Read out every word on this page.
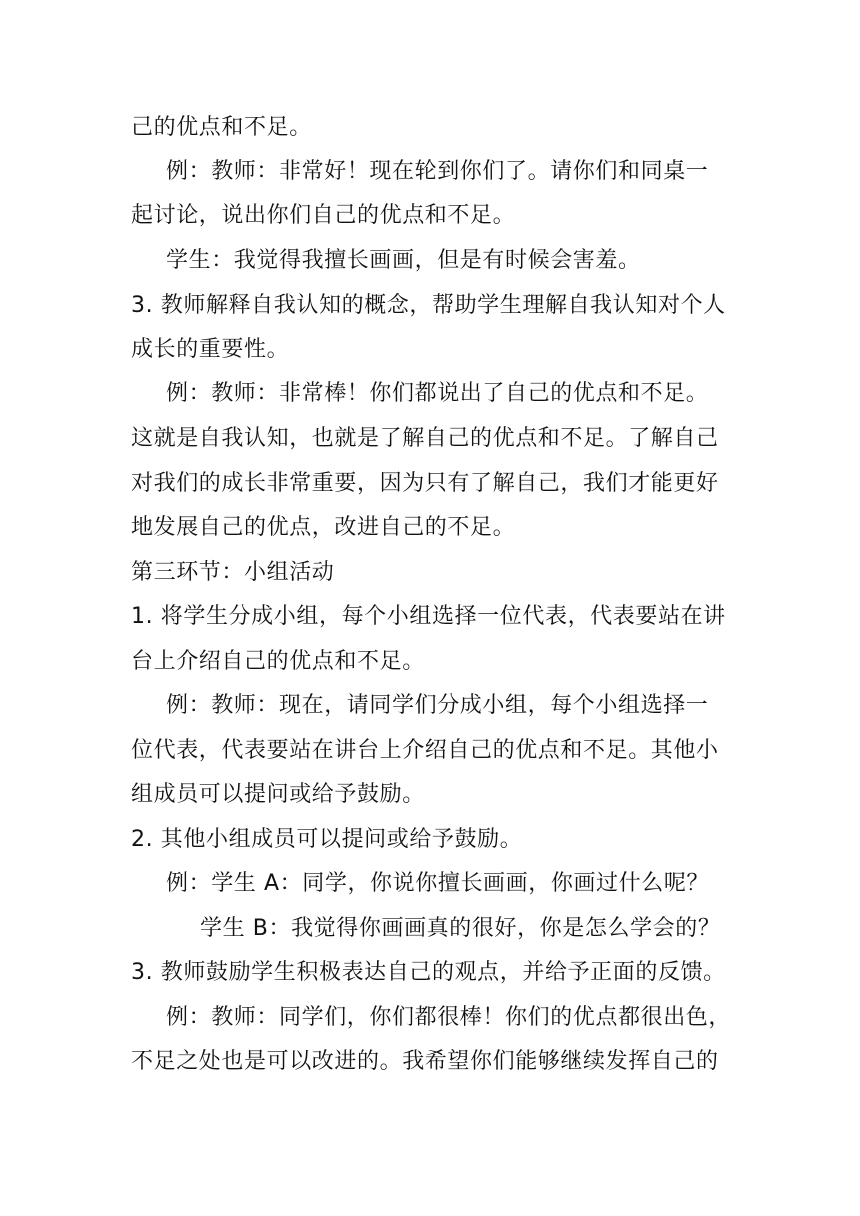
己的优点和不足。
例：教师：非常好！现在轮到你们了。请你们和同桌一
起讨论，说出你们自己的优点和不足。
学生：我觉得我擅长画画，但是有时候会害羞。
3. 教师解释自我认知的概念，帮助学生理解自我认知对个人
成长的重要性。
例：教师：非常棒！你们都说出了自己的优点和不足。
这就是自我认知，也就是了解自己的优点和不足。了解自己
对我们的成长非常重要，因为只有了解自己，我们才能更好
地发展自己的优点，改进自己的不足。
第三环节：小组活动
1. 将学生分成小组，每个小组选择一位代表，代表要站在讲
台上介绍自己的优点和不足。
例：教师：现在，请同学们分成小组，每个小组选择一
位代表，代表要站在讲台上介绍自己的优点和不足。其他小
组成员可以提问或给予鼓励。
2. 其他小组成员可以提问或给予鼓励。
例：学生 A：同学，你说你擅长画画，你画过什么呢？
学生 B：我觉得你画画真的很好，你是怎么学会的？
3. 教师鼓励学生积极表达自己的观点，并给予正面的反馈。
例：教师：同学们，你们都很棒！你们的优点都很出色，
不足之处也是可以改进的。我希望你们能够继续发挥自己的
